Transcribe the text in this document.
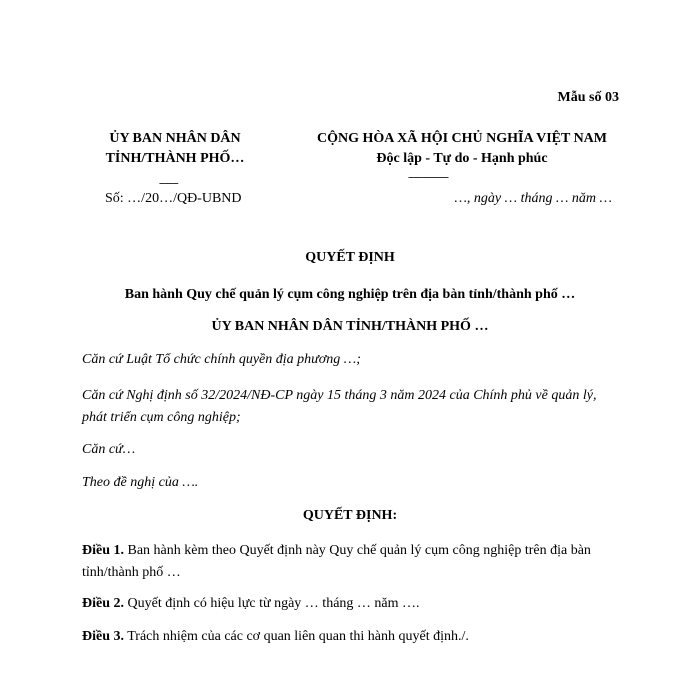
Mẫu số 03
ỦY BAN NHÂN DÂN
TỈNH/THÀNH PHỐ…
-------
Số: …/20…/QĐ-UBND
CỘNG HÒA XÃ HỘI CHỦ NGHĨA VIỆT NAM
Độc lập - Tự do - Hạnh phúc
---------------
…, ngày … tháng … năm …
QUYẾT ĐỊNH
Ban hành Quy chế quản lý cụm công nghiệp trên địa bàn tỉnh/thành phố …
ỦY BAN NHÂN DÂN TỈNH/THÀNH PHỐ …
Căn cứ Luật Tổ chức chính quyền địa phương …;
Căn cứ Nghị định số 32/2024/NĐ-CP ngày 15 tháng 3 năm 2024 của Chính phủ về quản lý, phát triển cụm công nghiệp;
Căn cứ…
Theo đề nghị của ….
QUYẾT ĐỊNH:
Điều 1. Ban hành kèm theo Quyết định này Quy chế quản lý cụm công nghiệp trên địa bàn tỉnh/thành phố …
Điều 2. Quyết định có hiệu lực từ ngày … tháng … năm ….
Điều 3. Trách nhiệm của các cơ quan liên quan thi hành quyết định./.
